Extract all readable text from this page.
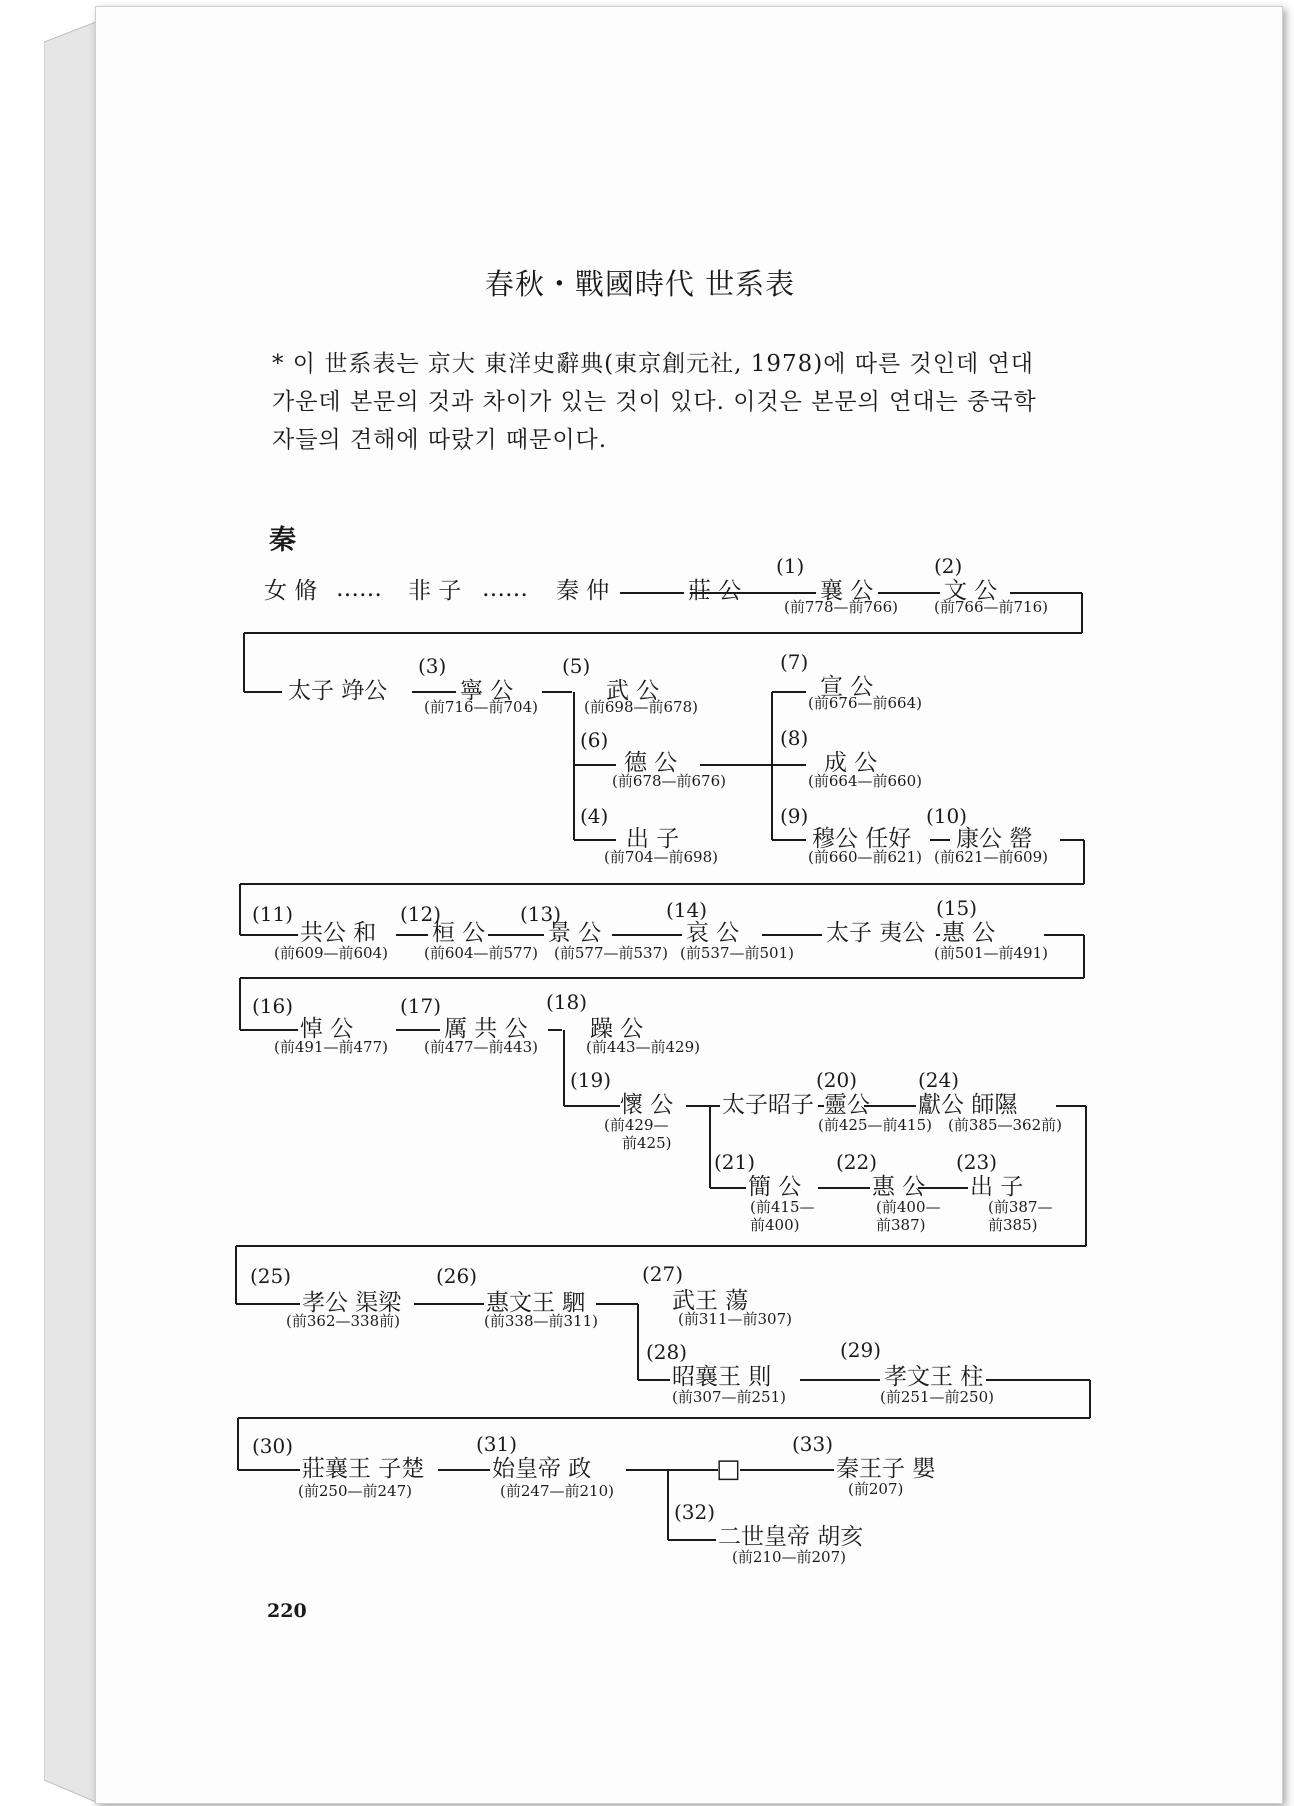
春秋・戰國時代 世系表
* 이 世系表는 京大 東洋史辭典(東京創元社, 1978)에 따른 것인데 연대
가운데 본문의 것과 차이가 있는 것이 있다. 이것은 본문의 연대는 중국학
자들의 견해에 따랐기 때문이다.
秦
女 脩 …… 非 子 …… 秦 仲	莊 公
(1)
襄 公
(前778—前766)
(2)
文 公
(前766—前716)
太子 竫公
(3)
寧 公
(前716—前704)
(5)
武 公
(前698—前678)
(6)
德 公
(前678—前676)
(4)
出 子
(前704—前698)
(7)
宣 公
(前676—前664)
(8)
成 公
(前664—前660)
(9)
穆公 任好
(前660—前621)
(10)
康公 罃
(前621—前609)
(11)
共公 和
(前609—前604)
(12)
桓 公
(前604—前577)
(13)
景 公
(前577—前537)
(14)
哀 公
(前537—前501)
太子 夷公
(15)
惠 公
(前501—前491)
(16)
悼 公
(前491—前477)
(17)
厲 共 公
(前477—前443)
(18)
躁 公
(前443—前429)
(19)
懷 公
(前429—
前425)
太子昭子
(20)
靈公
(前425—前415)
(24)
獻公 師隰
(前385—362前)
(21)
簡 公
(前415—
前400)
(22)
惠 公
(前400—
前387)
(23)
出 子
(前387—
前385)
(25)
孝公 渠梁
(前362—338前)
(26)
惠文王 駟
(前338—前311)
(27)
武王 蕩
(前311—前307)
(28)
昭襄王 則
(前307—前251)
(29)
孝文王 柱
(前251—前250)
(30)
莊襄王 子楚
(前250—前247)
(31)
始皇帝 政
(前247—前210)
□
(33)
秦王子 嬰
(前207)
(32)
二世皇帝 胡亥
(前210—前207)
220
